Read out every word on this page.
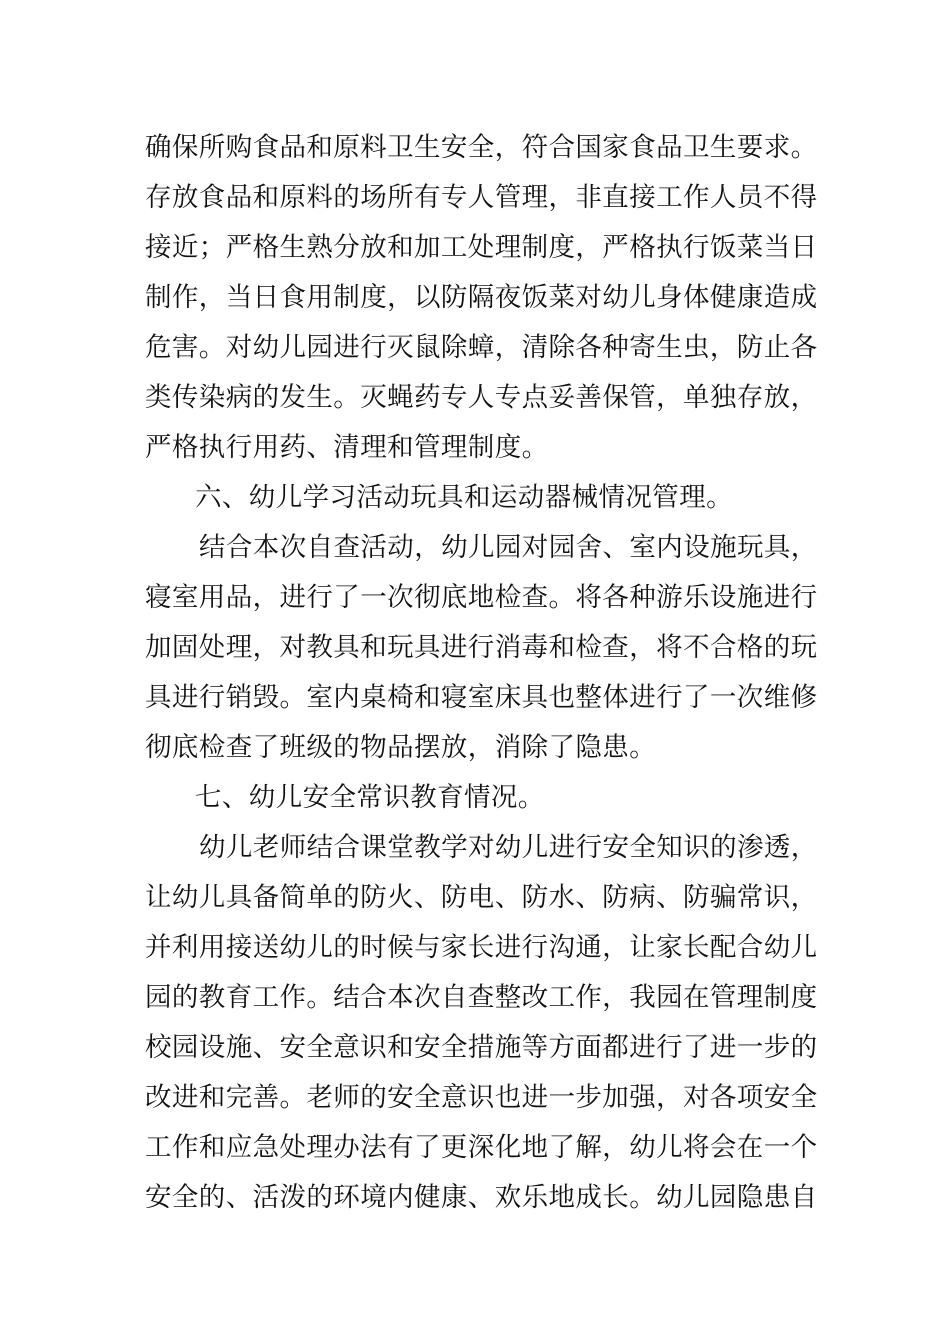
确保所购食品和原料卫生安全，符合国家食品卫生要求。
存放食品和原料的场所有专人管理，非直接工作人员不得
接近；严格生熟分放和加工处理制度，严格执行饭菜当日
制作，当日食用制度，以防隔夜饭菜对幼儿身体健康造成
危害。对幼儿园进行灭鼠除蟑，清除各种寄生虫，防止各
类传染病的发生。灭蝇药专人专点妥善保管，单独存放，
严格执行用药、清理和管理制度。
六、幼儿学习活动玩具和运动器械情况管理。
结合本次自查活动，幼儿园对园舍、室内设施玩具，
寝室用品，进行了一次彻底地检查。将各种游乐设施进行
加固处理，对教具和玩具进行消毒和检查，将不合格的玩
具进行销毁。室内桌椅和寝室床具也整体进行了一次维修
彻底检查了班级的物品摆放，消除了隐患。
七、幼儿安全常识教育情况。
幼儿老师结合课堂教学对幼儿进行安全知识的渗透，
让幼儿具备简单的防火、防电、防水、防病、防骗常识，
并利用接送幼儿的时候与家长进行沟通，让家长配合幼儿
园的教育工作。结合本次自查整改工作，我园在管理制度
校园设施、安全意识和安全措施等方面都进行了进一步的
改进和完善。老师的安全意识也进一步加强，对各项安全
工作和应急处理办法有了更深化地了解，幼儿将会在一个
安全的、活泼的环境内健康、欢乐地成长。幼儿园隐患自
